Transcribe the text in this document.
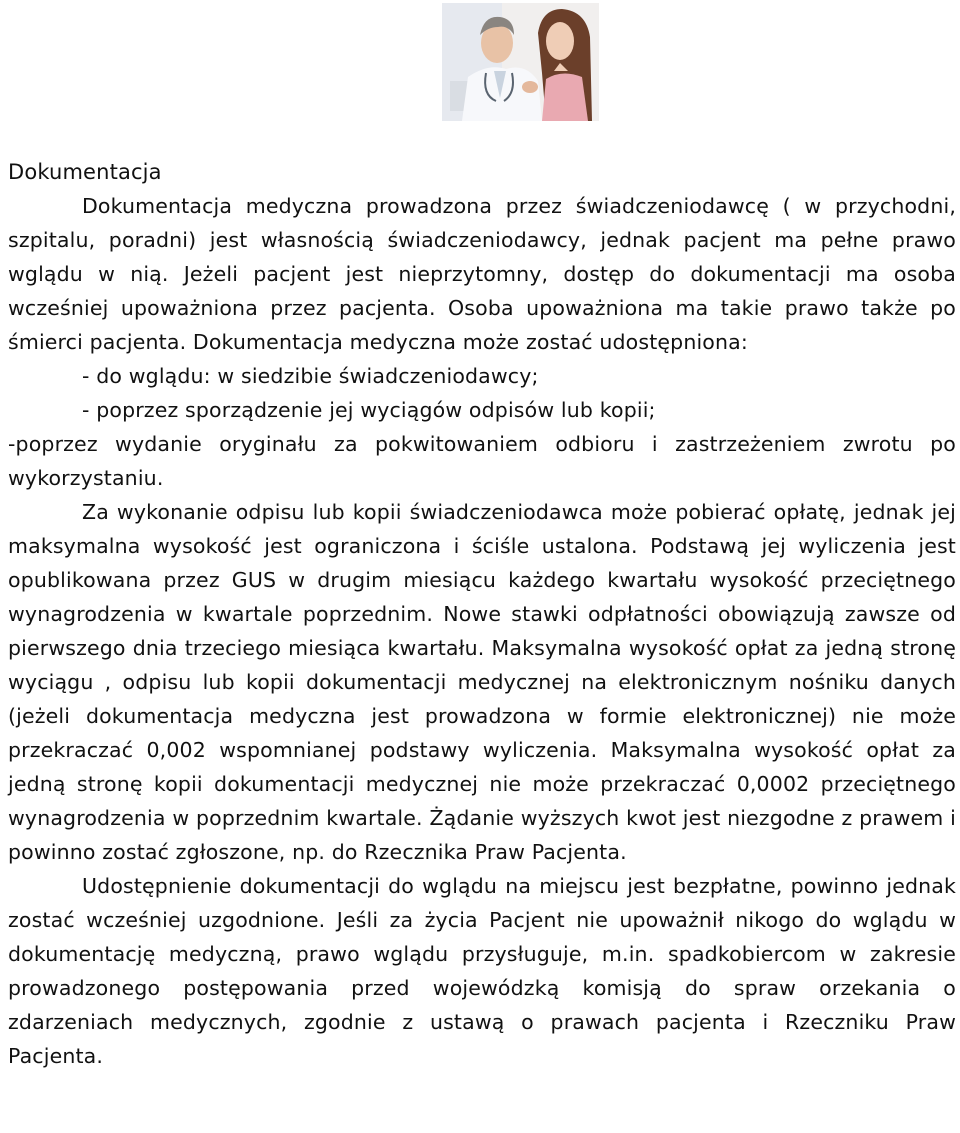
Dokumentacja

Dokumentacja medyczna prowadzona przez świadczeniodawcę ( w przychodni, szpitalu, poradni) jest własnością świadczeniodawcy, jednak pacjent ma pełne prawo wglądu w nią. Jeżeli pacjent jest nieprzytomny, dostęp do dokumentacji ma osoba wcześniej upoważniona przez pacjenta. Osoba upoważniona ma takie prawo także po śmierci pacjenta. Dokumentacja medyczna może zostać udostępniona:

- do wglądu: w siedzibie świadczeniodawcy;

- poprzez sporządzenie jej wyciągów odpisów lub kopii;

-poprzez wydanie oryginału za pokwitowaniem odbioru i zastrzeżeniem zwrotu po wykorzystaniu.

Za wykonanie odpisu lub kopii świadczeniodawca może pobierać opłatę, jednak jej maksymalna wysokość jest ograniczona i ściśle ustalona. Podstawą jej wyliczenia jest opublikowana przez GUS w drugim miesiącu każdego kwartału wysokość przeciętnego wynagrodzenia w kwartale poprzednim. Nowe stawki odpłatności obowiązują zawsze od pierwszego dnia trzeciego miesiąca kwartału. Maksymalna wysokość opłat za jedną stronę wyciągu , odpisu lub kopii dokumentacji medycznej na elektronicznym nośniku danych (jeżeli dokumentacja medyczna jest prowadzona w formie elektronicznej) nie może przekraczać 0,002 wspomnianej podstawy wyliczenia. Maksymalna wysokość opłat za jedną stronę kopii dokumentacji medycznej nie może przekraczać 0,0002 przeciętnego wynagrodzenia w poprzednim kwartale. Żądanie wyższych kwot jest niezgodne z prawem i powinno zostać zgłoszone, np. do Rzecznika Praw Pacjenta.

Udostępnienie dokumentacji do wglądu na miejscu jest bezpłatne, powinno jednak zostać wcześniej uzgodnione. Jeśli za życia Pacjent nie upoważnił nikogo do wglądu w dokumentację medyczną, prawo wglądu przysługuje, m.in. spadkobiercom w zakresie prowadzonego postępowania przed wojewódzką komisją do spraw orzekania o zdarzeniach medycznych, zgodnie z ustawą o prawach pacjenta i Rzeczniku Praw Pacjenta.
